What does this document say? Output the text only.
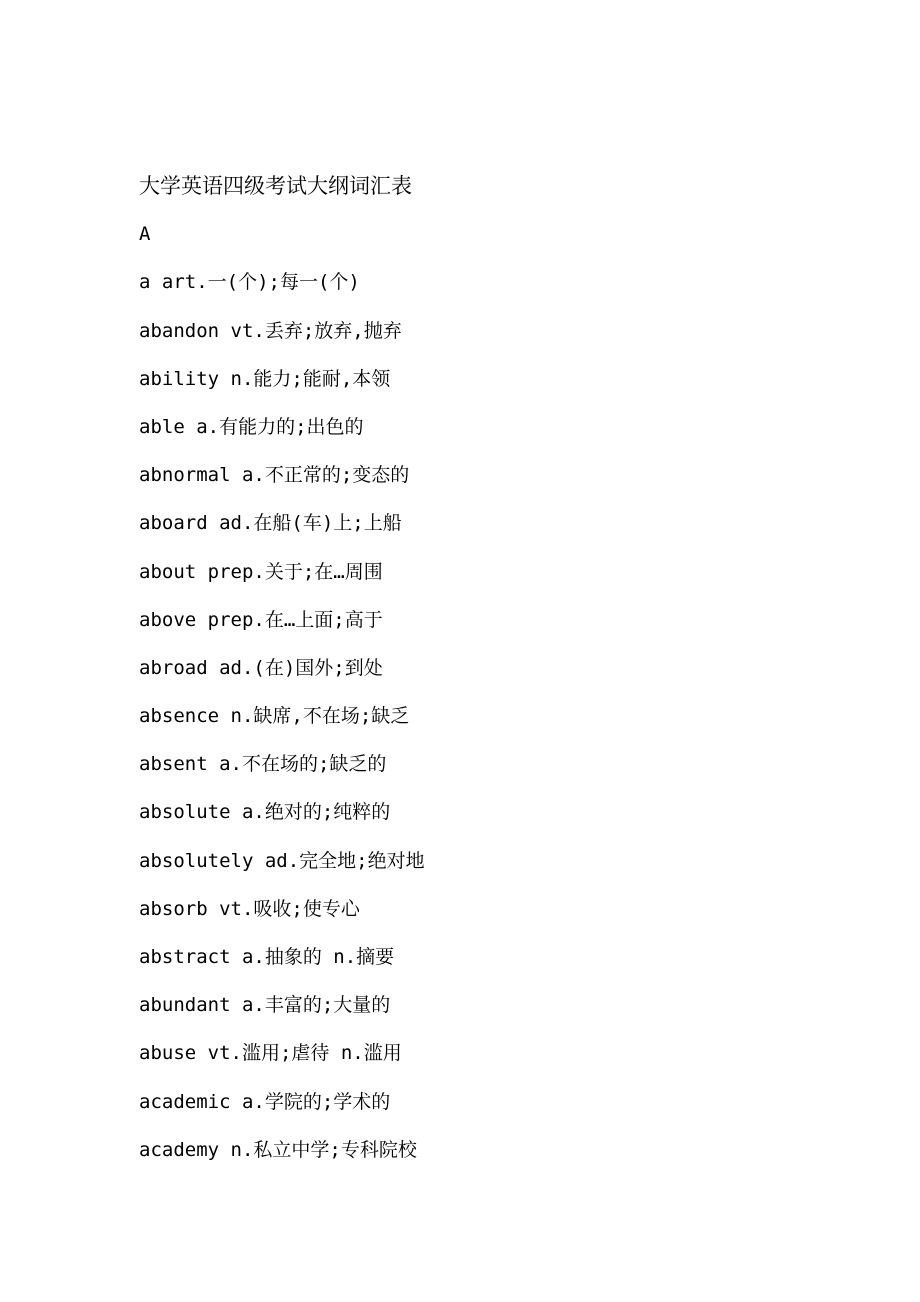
大学英语四级考试大纲词汇表
A
a art.一(个);每一(个)
abandon vt.丢弃;放弃,抛弃
ability n.能力;能耐,本领
able a.有能力的;出色的
abnormal a.不正常的;变态的
aboard ad.在船(车)上;上船
about prep.关于;在…周围
above prep.在…上面;高于
abroad ad.(在)国外;到处
absence n.缺席,不在场;缺乏
absent a.不在场的;缺乏的
absolute a.绝对的;纯粹的
absolutely ad.完全地;绝对地
absorb vt.吸收;使专心
abstract a.抽象的 n.摘要
abundant a.丰富的;大量的
abuse vt.滥用;虐待 n.滥用
academic a.学院的;学术的
academy n.私立中学;专科院校
